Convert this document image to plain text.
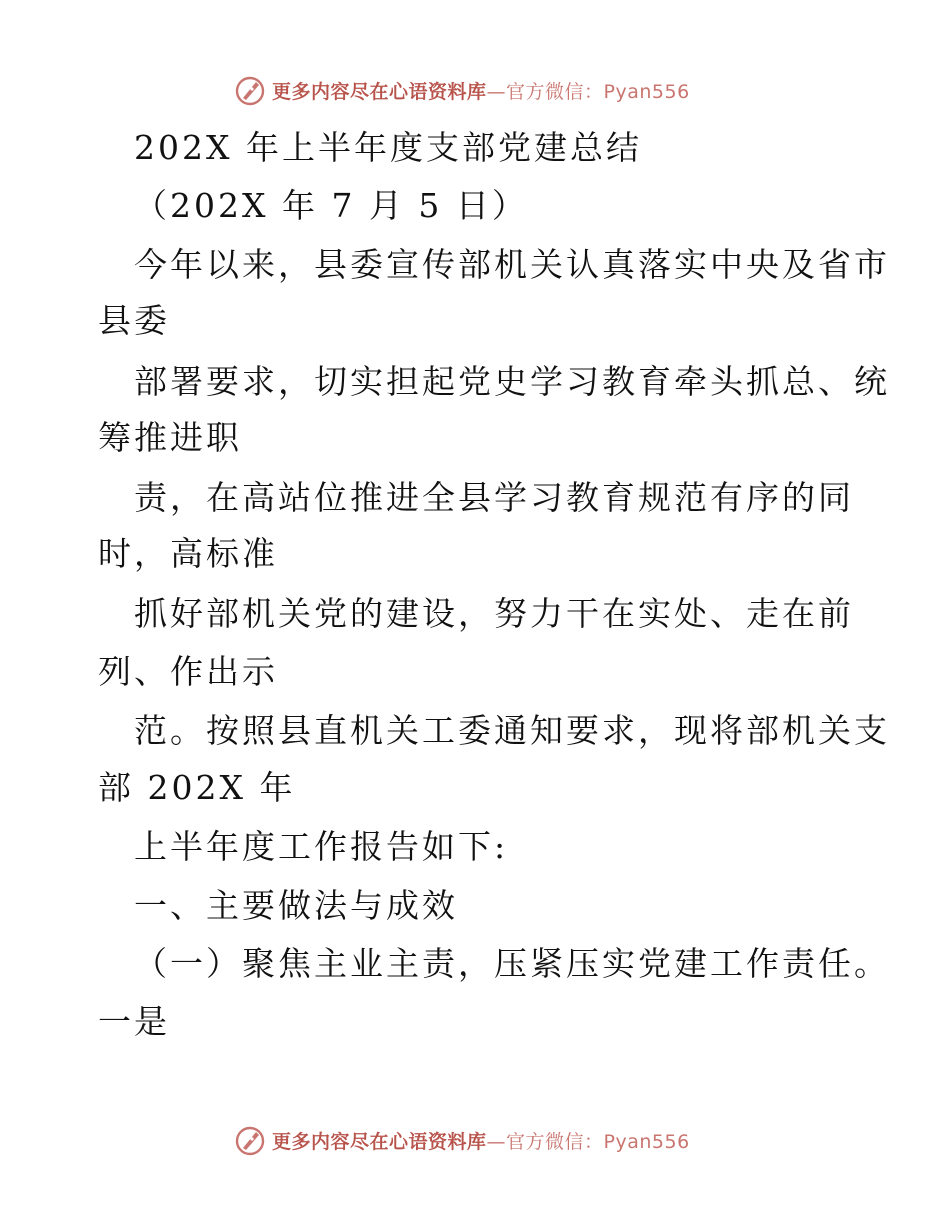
更多内容尽在心语资料库—官方微信：Pyan556
202X 年上半年度支部党建总结
（202X 年 7 月 5 日）
今年以来，县委宣传部机关认真落实中央及省市
县委
部署要求，切实担起党史学习教育牵头抓总、统
筹推进职
责，在高站位推进全县学习教育规范有序的同
时，高标准
抓好部机关党的建设，努力干在实处、走在前
列、作出示
范。按照县直机关工委通知要求，现将部机关支
部 202X 年
上半年度工作报告如下:
一、主要做法与成效
（一）聚焦主业主责，压紧压实党建工作责任。
一是
更多内容尽在心语资料库—官方微信：Pyan556
